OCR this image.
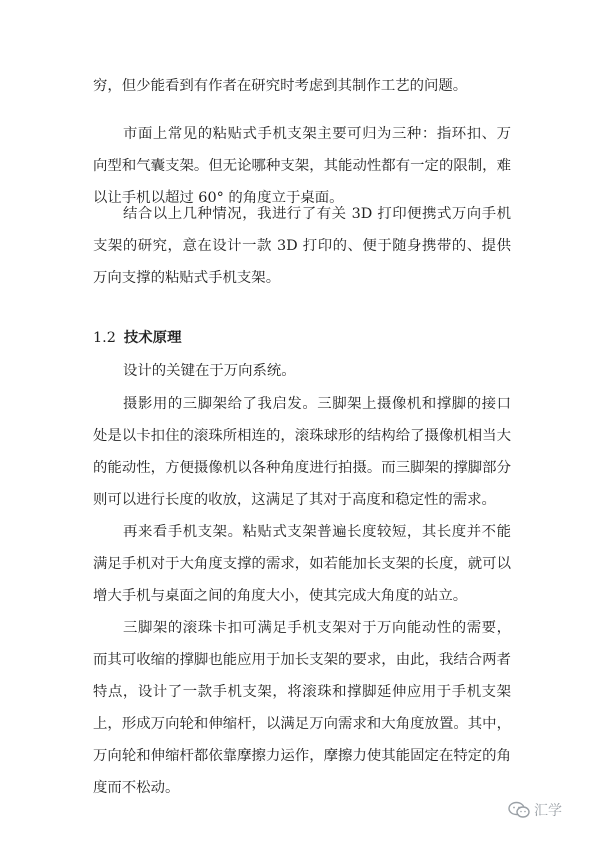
穷，但少能看到有作者在研究时考虑到其制作工艺的问题。

市面上常见的粘贴式手机支架主要可归为三种：指环扣、万向型和气囊支架。但无论哪种支架，其能动性都有一定的限制，难以让手机以超过 60° 的角度立于桌面。

结合以上几种情况，我进行了有关 3D 打印便携式万向手机支架的研究，意在设计一款 3D 打印的、便于随身携带的、提供万向支撑的粘贴式手机支架。

1.2 技术原理

设计的关键在于万向系统。

摄影用的三脚架给了我启发。三脚架上摄像机和撑脚的接口处是以卡扣住的滚珠所相连的，滚珠球形的结构给了摄像机相当大的能动性，方便摄像机以各种角度进行拍摄。而三脚架的撑脚部分则可以进行长度的收放，这满足了其对于高度和稳定性的需求。

再来看手机支架。粘贴式支架普遍长度较短，其长度并不能满足手机对于大角度支撑的需求，如若能加长支架的长度，就可以增大手机与桌面之间的角度大小，使其完成大角度的站立。

三脚架的滚珠卡扣可满足手机支架对于万向能动性的需要，而其可收缩的撑脚也能应用于加长支架的要求，由此，我结合两者特点，设计了一款手机支架，将滚珠和撑脚延伸应用于手机支架上，形成万向轮和伸缩杆，以满足万向需求和大角度放置。其中，万向轮和伸缩杆都依靠摩擦力运作，摩擦力使其能固定在特定的角度而不松动。

汇学
